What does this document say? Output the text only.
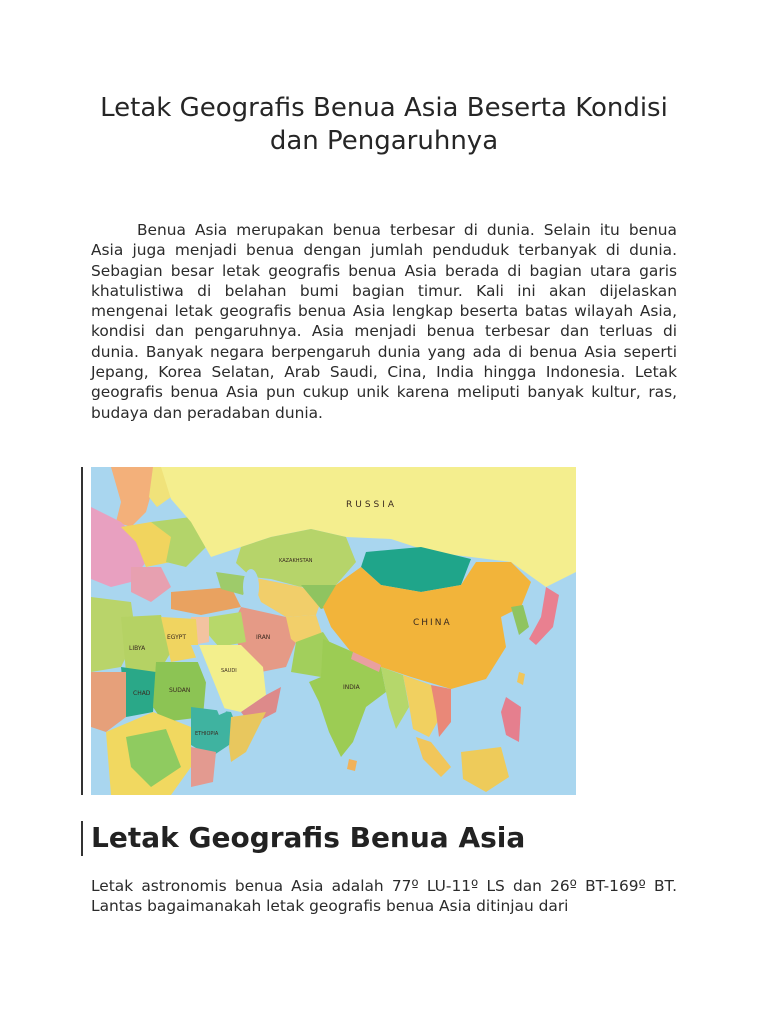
Letak Geografis Benua Asia Beserta Kondisi dan Pengaruhnya

Benua Asia merupakan benua terbesar di dunia. Selain itu benua Asia juga menjadi benua dengan jumlah penduduk terbanyak di dunia. Sebagian besar letak geografis benua Asia berada di bagian utara garis khatulistiwa di belahan bumi bagian timur. Kali ini akan dijelaskan mengenai letak geografis benua Asia lengkap beserta batas wilayah Asia, kondisi dan pengaruhnya. Asia menjadi benua terbesar dan terluas di dunia. Banyak negara berpengaruh dunia yang ada di benua Asia seperti Jepang, Korea Selatan, Arab Saudi, Cina, India hingga Indonesia. Letak geografis benua Asia pun cukup unik karena meliputi banyak kultur, ras, budaya dan peradaban dunia.

RUSSIA
KAZAKHSTAN
CHINA
IRAN
INDIA
SAUDI
LIBYA
EGYPT
CHAD	SUDAN
ETHIOPIA
Letak Geografis Benua Asia

Letak astronomis benua Asia adalah 77º LU-11º LS dan 26º BT-169º BT. Lantas bagaimanakah letak geografis benua Asia ditinjau dari
